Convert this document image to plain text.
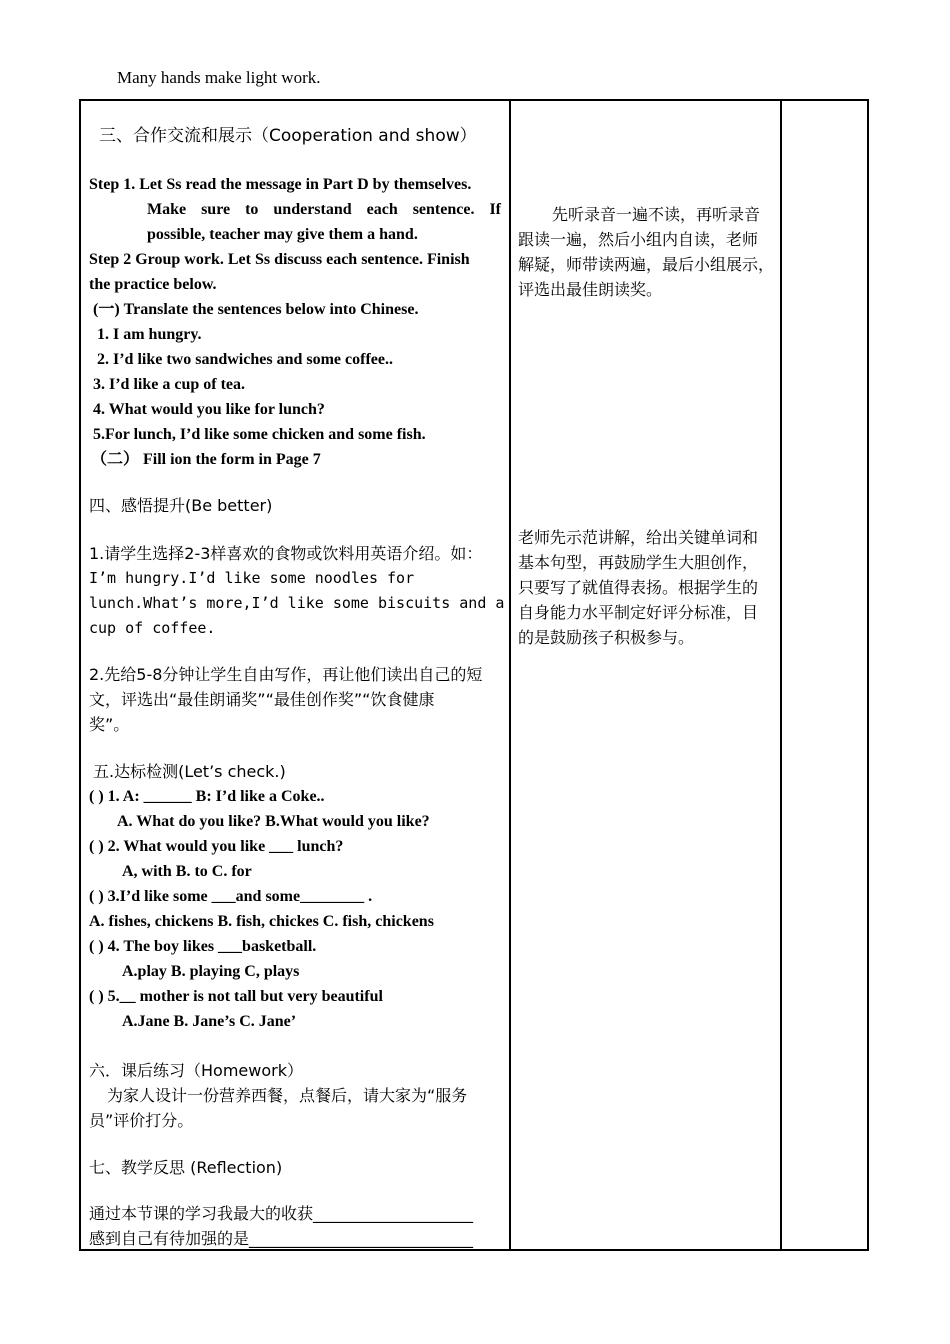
Many hands make light work.
三、合作交流和展示（Cooperation and show）
Step 1. Let Ss read the message in Part D by themselves.
Make sure to understand each sentence. If
possible, teacher may give them a hand.
Step 2 Group work. Let Ss discuss each sentence. Finish
the practice below.
(一) Translate the sentences below into Chinese.
1. I am hungry.
2. I’d like two sandwiches and some coffee..
3. I’d like a cup of tea.
4. What would you like for lunch?
5.For lunch, I’d like some chicken and some fish.
（二） Fill ion the form in Page 7
四、感悟提升(Be better)
1.请学生选择2-3样喜欢的食物或饮料用英语介绍。如：
I’m hungry.I’d like some noodles for
lunch.What’s more,I’d like some biscuits and a
cup of coffee.
2.先给5-8分钟让学生自由写作，再让他们读出自己的短
文，评选出“最佳朗诵奖”“最佳创作奖”“饮食健康
奖”。
五.达标检测(Let’s check.)
( ) 1. A: ______ B: I’d like a Coke..
A. What do you like? B.What would you like?
( ) 2. What would you like ___ lunch?
A, with B. to C. for
( ) 3.I’d like some ___and some________ .
A. fishes, chickens B. fish, chickes C. fish, chickens
( ) 4. The boy likes ___basketball.
A.play B. playing C, plays
( ) 5.__ mother is not tall but very beautiful
A.Jane B. Jane’s C. Jane’
六．课后练习（Homework）
为家人设计一份营养西餐，点餐后，请大家为“服务
员”评价打分。
七、教学反思 (Reflection)
通过本节课的学习我最大的收获____________________
感到自己有待加强的是____________________________
先听录音一遍不读，再听录音
跟读一遍，然后小组内自读，老师
解疑，师带读两遍，最后小组展示，
评选出最佳朗读奖。
老师先示范讲解，给出关键单词和
基本句型，再鼓励学生大胆创作，
只要写了就值得表扬。根据学生的
自身能力水平制定好评分标准，目
的是鼓励孩子积极参与。
